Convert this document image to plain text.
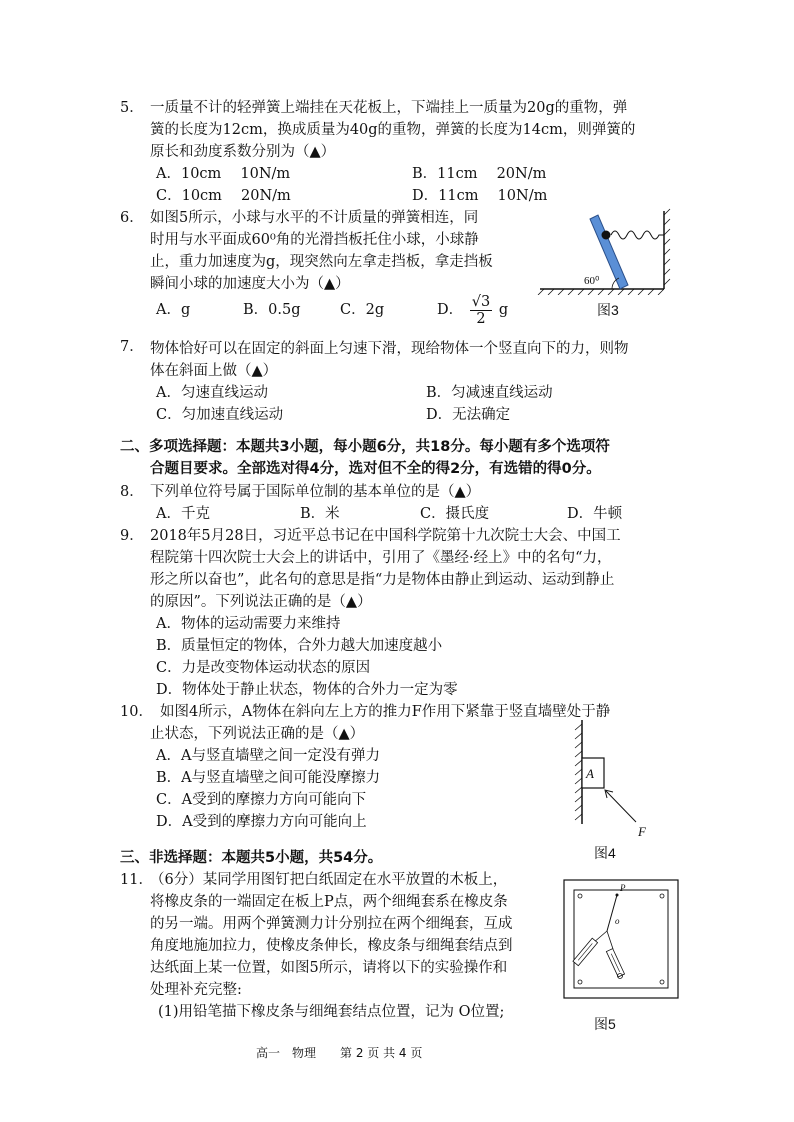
5． 一质量不计的轻弹簧上端挂在天花板上，下端挂上一质量为20g的重物，弹
簧的长度为12cm，换成质量为40g的重物，弹簧的长度为14cm，则弹簧的
原长和劲度系数分别为（▲）
A．10cm　 10N/m	B．11cm　 20N/m
C．10cm　 20N/m	D．11cm　 10N/m
6． 如图5所示，小球与水平的不计质量的弹簧相连，同
时用与水平面成60⁰角的光滑挡板托住小球，小球静
止，重力加速度为g，现突然向左拿走挡板，拿走挡板
瞬间小球的加速度大小为（▲）
A．g	B．0.5g	C．2g	D． $\frac{√3}{2}$ g
60⁰
图3
7． 物体恰好可以在固定的斜面上匀速下滑，现给物体一个竖直向下的力，则物
体在斜面上做（▲）
A．匀速直线运动	B．匀减速直线运动
C．匀加速直线运动	D．无法确定
二、多项选择题：本题共3小题，每小题6分，共18分。每小题有多个选项符
合题目要求。全部选对得4分，选对但不全的得2分，有选错的得0分。
8． 下列单位符号属于国际单位制的基本单位的是（▲）
A．千克	B．米	C．摄氏度	D．牛顿
9． 2018年5月28日，习近平总书记在中国科学院第十九次院士大会、中国工
程院第十四次院士大会上的讲话中，引用了《墨经·经上》中的名句“力，
形之所以奋也”，此名句的意思是指“力是物体由静止到运动、运动到静止
的原因”。下列说法正确的是（▲）
A．物体的运动需要力来维持
B．质量恒定的物体，合外力越大加速度越小
C．力是改变物体运动状态的原因
D．物体处于静止状态，物体的合外力一定为零
10． 如图4所示，A物体在斜向左上方的推力F作用下紧靠于竖直墙壁处于静
止状态，下列说法正确的是（▲）
A．A与竖直墙壁之间一定没有弹力
B．A与竖直墙壁之间可能没摩擦力
C．A受到的摩擦力方向可能向下
D．A受到的摩擦力方向可能向上
A
F
图4
三、非选择题：本题共5小题，共54分。
11．
（6分）某同学用图钉把白纸固定在水平放置的木板上，
将橡皮条的一端固定在板上P点，两个细绳套系在橡皮条
的另一端。用两个弹簧测力计分别拉在两个细绳套，互成
角度地施加拉力，使橡皮条伸长，橡皮条与细绳套结点到
达纸面上某一位置，如图5所示，请将以下的实验操作和
处理补充完整:
(1)用铅笔描下橡皮条与细绳套结点位置，记为 O位置;
P
o
图5
高一　物理　　第 2 页 共 4 页
